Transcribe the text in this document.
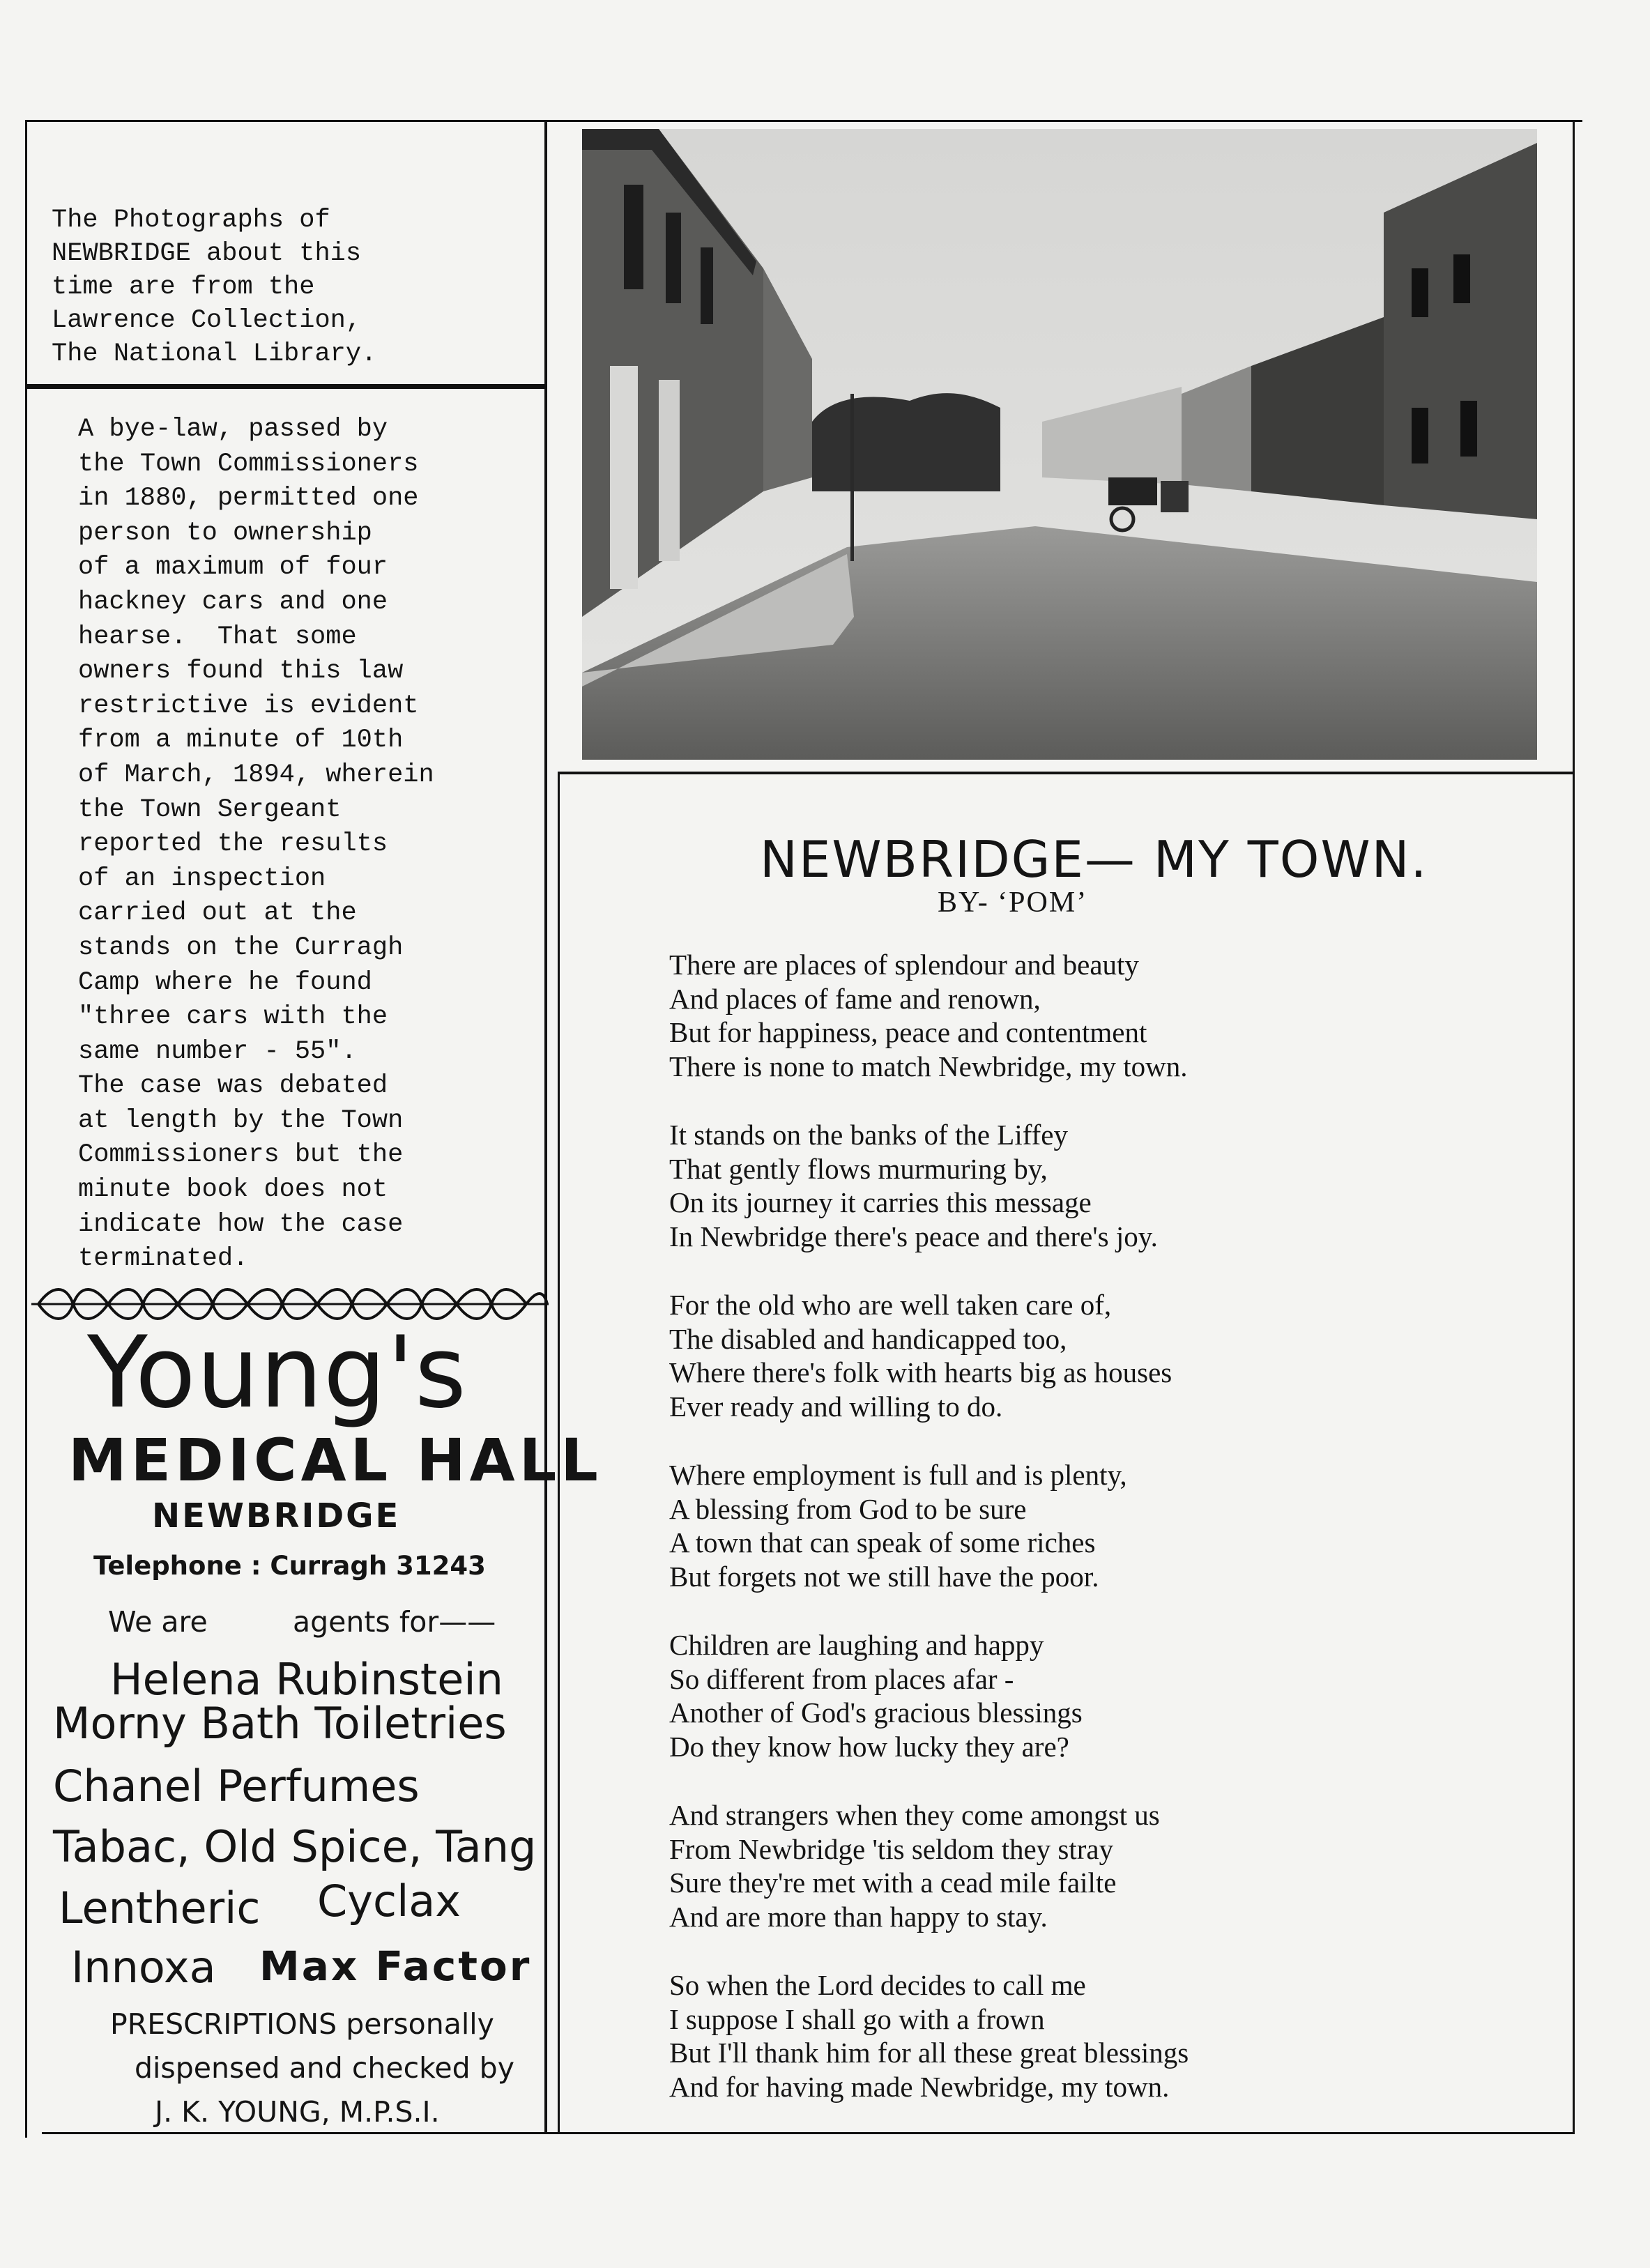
The Photographs of
NEWBRIDGE about this
time are from the
Lawrence Collection,
The National Library.
A bye-law, passed by
the Town Commissioners
in 1880, permitted one
person to ownership
of a maximum of four
hackney cars and one
hearse.  That some
owners found this law
restrictive is evident
from a minute of 10th
of March, 1894, wherein
the Town Sergeant
reported the results
of an inspection
carried out at the
stands on the Curragh
Camp where he found
"three cars with the
same number - 55".
The case was debated
at length by the Town
Commissioners but the
minute book does not
indicate how the case
terminated.
Young's
MEDICAL HALL
NEWBRIDGE
Telephone : Curragh 31243
We are	agents for——
Helena Rubinstein
Morny Bath Toiletries
Chanel Perfumes
Tabac, Old Spice, Tang
Lentheric Cyclax
Innoxa Max Factor
PRESCRIPTIONS personally
dispensed and checked by
J. K. YOUNG, M.P.S.I.
NEWBRIDGE— MY TOWN.
BY- ‘POM’
There are places of splendour and beauty
And places of fame and renown,
But for happiness, peace and contentment
There is none to match Newbridge, my town.
It stands on the banks of the Liffey
That gently flows murmuring by,
On its journey it carries this message
In Newbridge there's peace and there's joy.
For the old who are well taken care of,
The disabled and handicapped too,
Where there's folk with hearts big as houses
Ever ready and willing to do.
Where employment is full and is plenty,
A blessing from God to be sure
A town that can speak of some riches
But forgets not we still have the poor.
Children are laughing and happy
So different from places afar -
Another of God's gracious blessings
Do they know how lucky they are?
And strangers when they come amongst us
From Newbridge 'tis seldom they stray
Sure they're met with a cead mile failte
And are more than happy to stay.
So when the Lord decides to call me
I suppose I shall go with a frown
But I'll thank him for all these great blessings
And for having made Newbridge, my town.
